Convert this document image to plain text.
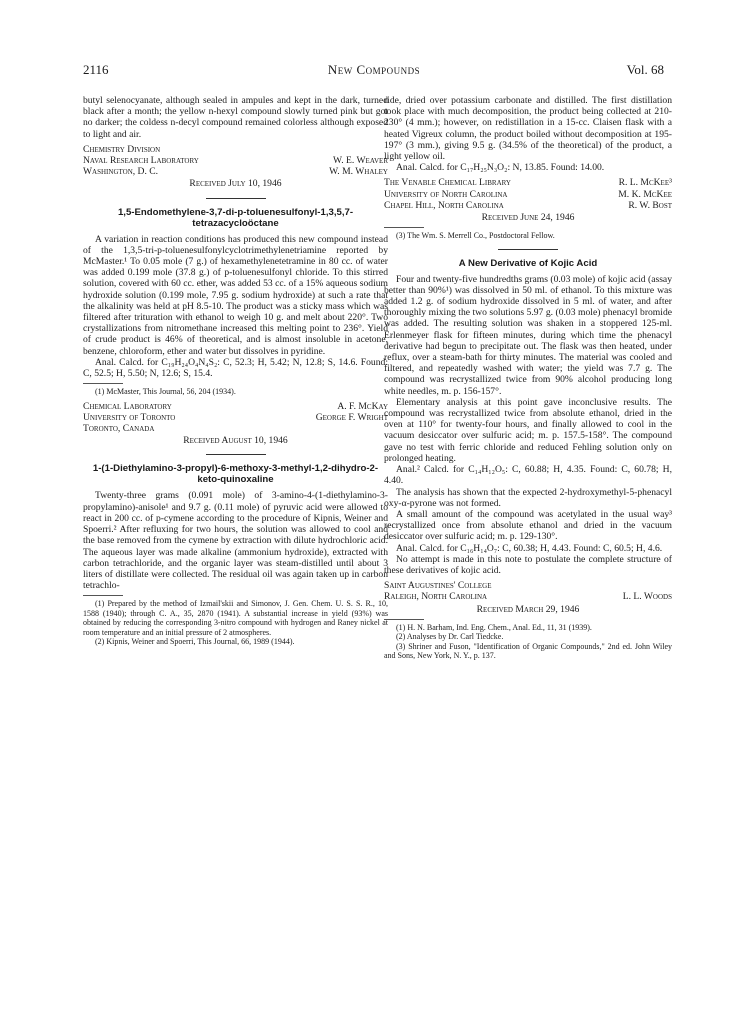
2116	New Compounds	Vol. 68

butyl selenocyanate, although sealed in ampules and kept in the dark, turned black after a month; the yellow n-hexyl compound slowly turned pink but got no darker; the coldess n-decyl compound remained colorless although exposed to light and air.

Chemistry Division
Naval Research Laboratory	W. E. Weaver
Washington, D. C.	W. M. Whaley
Received July 10, 1946
1,5-Endomethylene-3,7-di-p-toluenesulfonyl-1,3,5,7-tetrazacycloöctane

A variation in reaction conditions has produced this new compound instead of the 1,3,5-tri-p-toluenesulfonylcyclotrimethylenetriamine reported by McMaster.¹ To 0.05 mole (7 g.) of hexamethylenetetramine in 80 cc. of water was added 0.199 mole (37.8 g.) of p-toluenesulfonyl chloride. To this stirred solution, covered with 60 cc. ether, was added 53 cc. of a 15% aqueous sodium hydroxide solution (0.199 mole, 7.95 g. sodium hydroxide) at such a rate that the alkalinity was held at pH 8.5-10. The product was a sticky mass which was filtered after trituration with ethanol to weigh 10 g. and melt about 220°. Two crystallizations from nitromethane increased this melting point to 236°. Yield of crude product is 46% of theoretical, and is almost insoluble in acetone, benzene, chloroform, ether and water but dissolves in pyridine.

Anal. Calcd. for C₁₉H₂₄O₄N₄S₂: C, 52.3; H, 5.42; N, 12.8; S, 14.6. Found: C, 52.5; H, 5.50; N, 12.6; S, 15.4.

(1) McMaster, This Journal, 56, 204 (1934).

Chemical Laboratory	A. F. McKay
University of Toronto	George F. Wright
Toronto, Canada
Received August 10, 1946
1-(1-Diethylamino-3-propyl)-6-methoxy-3-methyl-1,2-dihydro-2-keto-quinoxaline

Twenty-three grams (0.091 mole) of 3-amino-4-(1-diethylamino-3-propylamino)-anisole¹ and 9.7 g. (0.11 mole) of pyruvic acid were allowed to react in 200 cc. of p-cymene according to the procedure of Kipnis, Weiner and Spoerri.² After refluxing for two hours, the solution was allowed to cool and the base removed from the cymene by extraction with dilute hydrochloric acid. The aqueous layer was made alkaline (ammonium hydroxide), extracted with carbon tetrachloride, and the organic layer was steam-distilled until about 3 liters of distillate were collected. The residual oil was again taken up in carbon tetrachlo-

(1) Prepared by the method of Izmail'skii and Simonov, J. Gen. Chem. U. S. S. R., 10, 1588 (1940); through C. A., 35, 2870 (1941). A substantial increase in yield (93%) was obtained by reducing the corresponding 3-nitro compound with hydrogen and Raney nickel at room temperature and an initial pressure of 2 atmospheres.

(2) Kipnis, Weiner and Spoerri, This Journal, 66, 1989 (1944).

ride, dried over potassium carbonate and distilled. The first distillation took place with much decomposition, the product being collected at 210-230° (4 mm.); however, on redistillation in a 15-cc. Claisen flask with a heated Vigreux column, the product boiled without decomposition at 195-197° (3 mm.), giving 9.5 g. (34.5% of the theoretical) of the product, a light yellow oil.

Anal. Calcd. for C₁₇H₂₅N₃O₂: N, 13.85. Found: 14.00.

The Venable Chemical Library	R. L. McKee³
University of North Carolina	M. K. McKee
Chapel Hill, North Carolina	R. W. Bost
Received June 24, 1946

(3) The Wm. S. Merrell Co., Postdoctoral Fellow.

A New Derivative of Kojic Acid

Four and twenty-five hundredths grams (0.03 mole) of kojic acid (assay better than 90%¹) was dissolved in 50 ml. of ethanol. To this mixture was added 1.2 g. of sodium hydroxide dissolved in 5 ml. of water, and after thoroughly mixing the two solutions 5.97 g. (0.03 mole) phenacyl bromide was added. The resulting solution was shaken in a stoppered 125-ml. Erlenmeyer flask for fifteen minutes, during which time the phenacyl derivative had begun to precipitate out. The flask was then heated, under reflux, over a steam-bath for thirty minutes. The material was cooled and filtered, and repeatedly washed with water; the yield was 7.7 g. The compound was recrystallized twice from 90% alcohol producing long white needles, m. p. 156-157°.

Elementary analysis at this point gave inconclusive results. The compound was recrystallized twice from absolute ethanol, dried in the oven at 110° for twenty-four hours, and finally allowed to cool in the vacuum desiccator over sulfuric acid; m. p. 157.5-158°. The compound gave no test with ferric chloride and reduced Fehling solution only on prolonged heating.

Anal.² Calcd. for C₁₄H₁₂O₅: C, 60.88; H, 4.35. Found: C, 60.78; H, 4.40.

The analysis has shown that the expected 2-hydroxymethyl-5-phenacyl oxy-α-pyrone was not formed.

A small amount of the compound was acetylated in the usual way³ recrystallized once from absolute ethanol and dried in the vacuum desiccator over sulfuric acid; m. p. 129-130°.

Anal. Calcd. for C₁₆H₁₄O₇: C, 60.38; H, 4.43. Found: C, 60.5; H, 4.6.

No attempt is made in this note to postulate the complete structure of these derivatives of kojic acid.

Saint Augustines' College
Raleigh, North Carolina	L. L. Woods
Received March 29, 1946

(1) H. N. Barham, Ind. Eng. Chem., Anal. Ed., 11, 31 (1939).

(2) Analyses by Dr. Carl Tiedcke.

(3) Shriner and Fuson, "Identification of Organic Compounds," 2nd ed. John Wiley and Sons, New York, N. Y., p. 137.
